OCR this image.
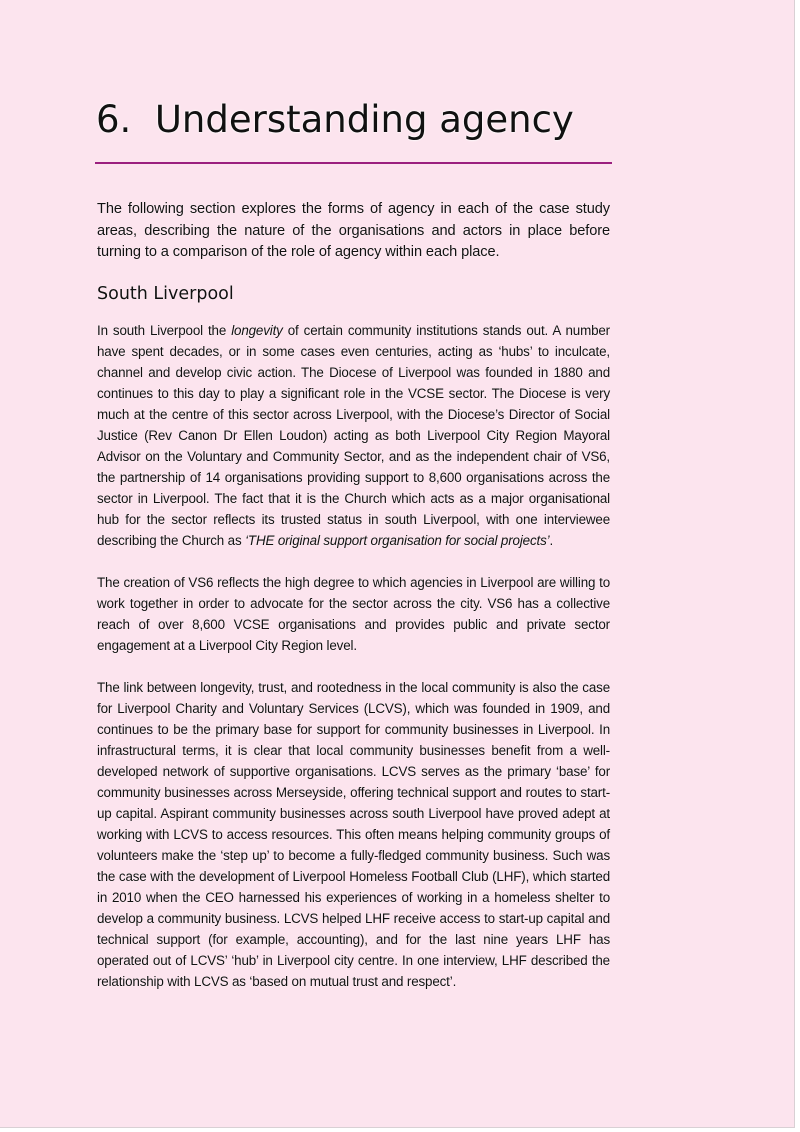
6.  Understanding agency

The following section explores the forms of agency in each of the case study areas, describing the nature of the organisations and actors in place before turning to a comparison of the role of agency within each place.

South Liverpool

In south Liverpool the longevity of certain community institutions stands out. A number have spent decades, or in some cases even centuries, acting as ‘hubs’ to inculcate, channel and develop civic action. The Diocese of Liverpool was founded in 1880 and continues to this day to play a significant role in the VCSE sector. The Diocese is very much at the centre of this sector across Liverpool, with the Diocese’s Director of Social Justice (Rev Canon Dr Ellen Loudon) acting as both Liverpool City Region Mayoral Advisor on the Voluntary and Community Sector, and as the independent chair of VS6, the partnership of 14 organisations providing support to 8,600 organisations across the sector in Liverpool. The fact that it is the Church which acts as a major organisational hub for the sector reflects its trusted status in south Liverpool, with one interviewee describing the Church as ‘THE original support organisation for social projects’.

The creation of VS6 reflects the high degree to which agencies in Liverpool are willing to work together in order to advocate for the sector across the city. VS6 has a collective reach of over 8,600 VCSE organisations and provides public and private sector engagement at a Liverpool City Region level.

The link between longevity, trust, and rootedness in the local community is also the case for Liverpool Charity and Voluntary Services (LCVS), which was founded in 1909, and continues to be the primary base for support for community businesses in Liverpool. In infrastructural terms, it is clear that local community businesses benefit from a well-developed network of supportive organisations. LCVS serves as the primary ‘base’ for community businesses across Merseyside, offering technical support and routes to start-up capital. Aspirant community businesses across south Liverpool have proved adept at working with LCVS to access resources. This often means helping community groups of volunteers make the ‘step up’ to become a fully-fledged community business. Such was the case with the development of Liverpool Homeless Football Club (LHF), which started in 2010 when the CEO harnessed his experiences of working in a homeless shelter to develop a community business. LCVS helped LHF receive access to start-up capital and technical support (for example, accounting), and for the last nine years LHF has operated out of LCVS’ ‘hub’ in Liverpool city centre. In one interview, LHF described the relationship with LCVS as ‘based on mutual trust and respect’.
